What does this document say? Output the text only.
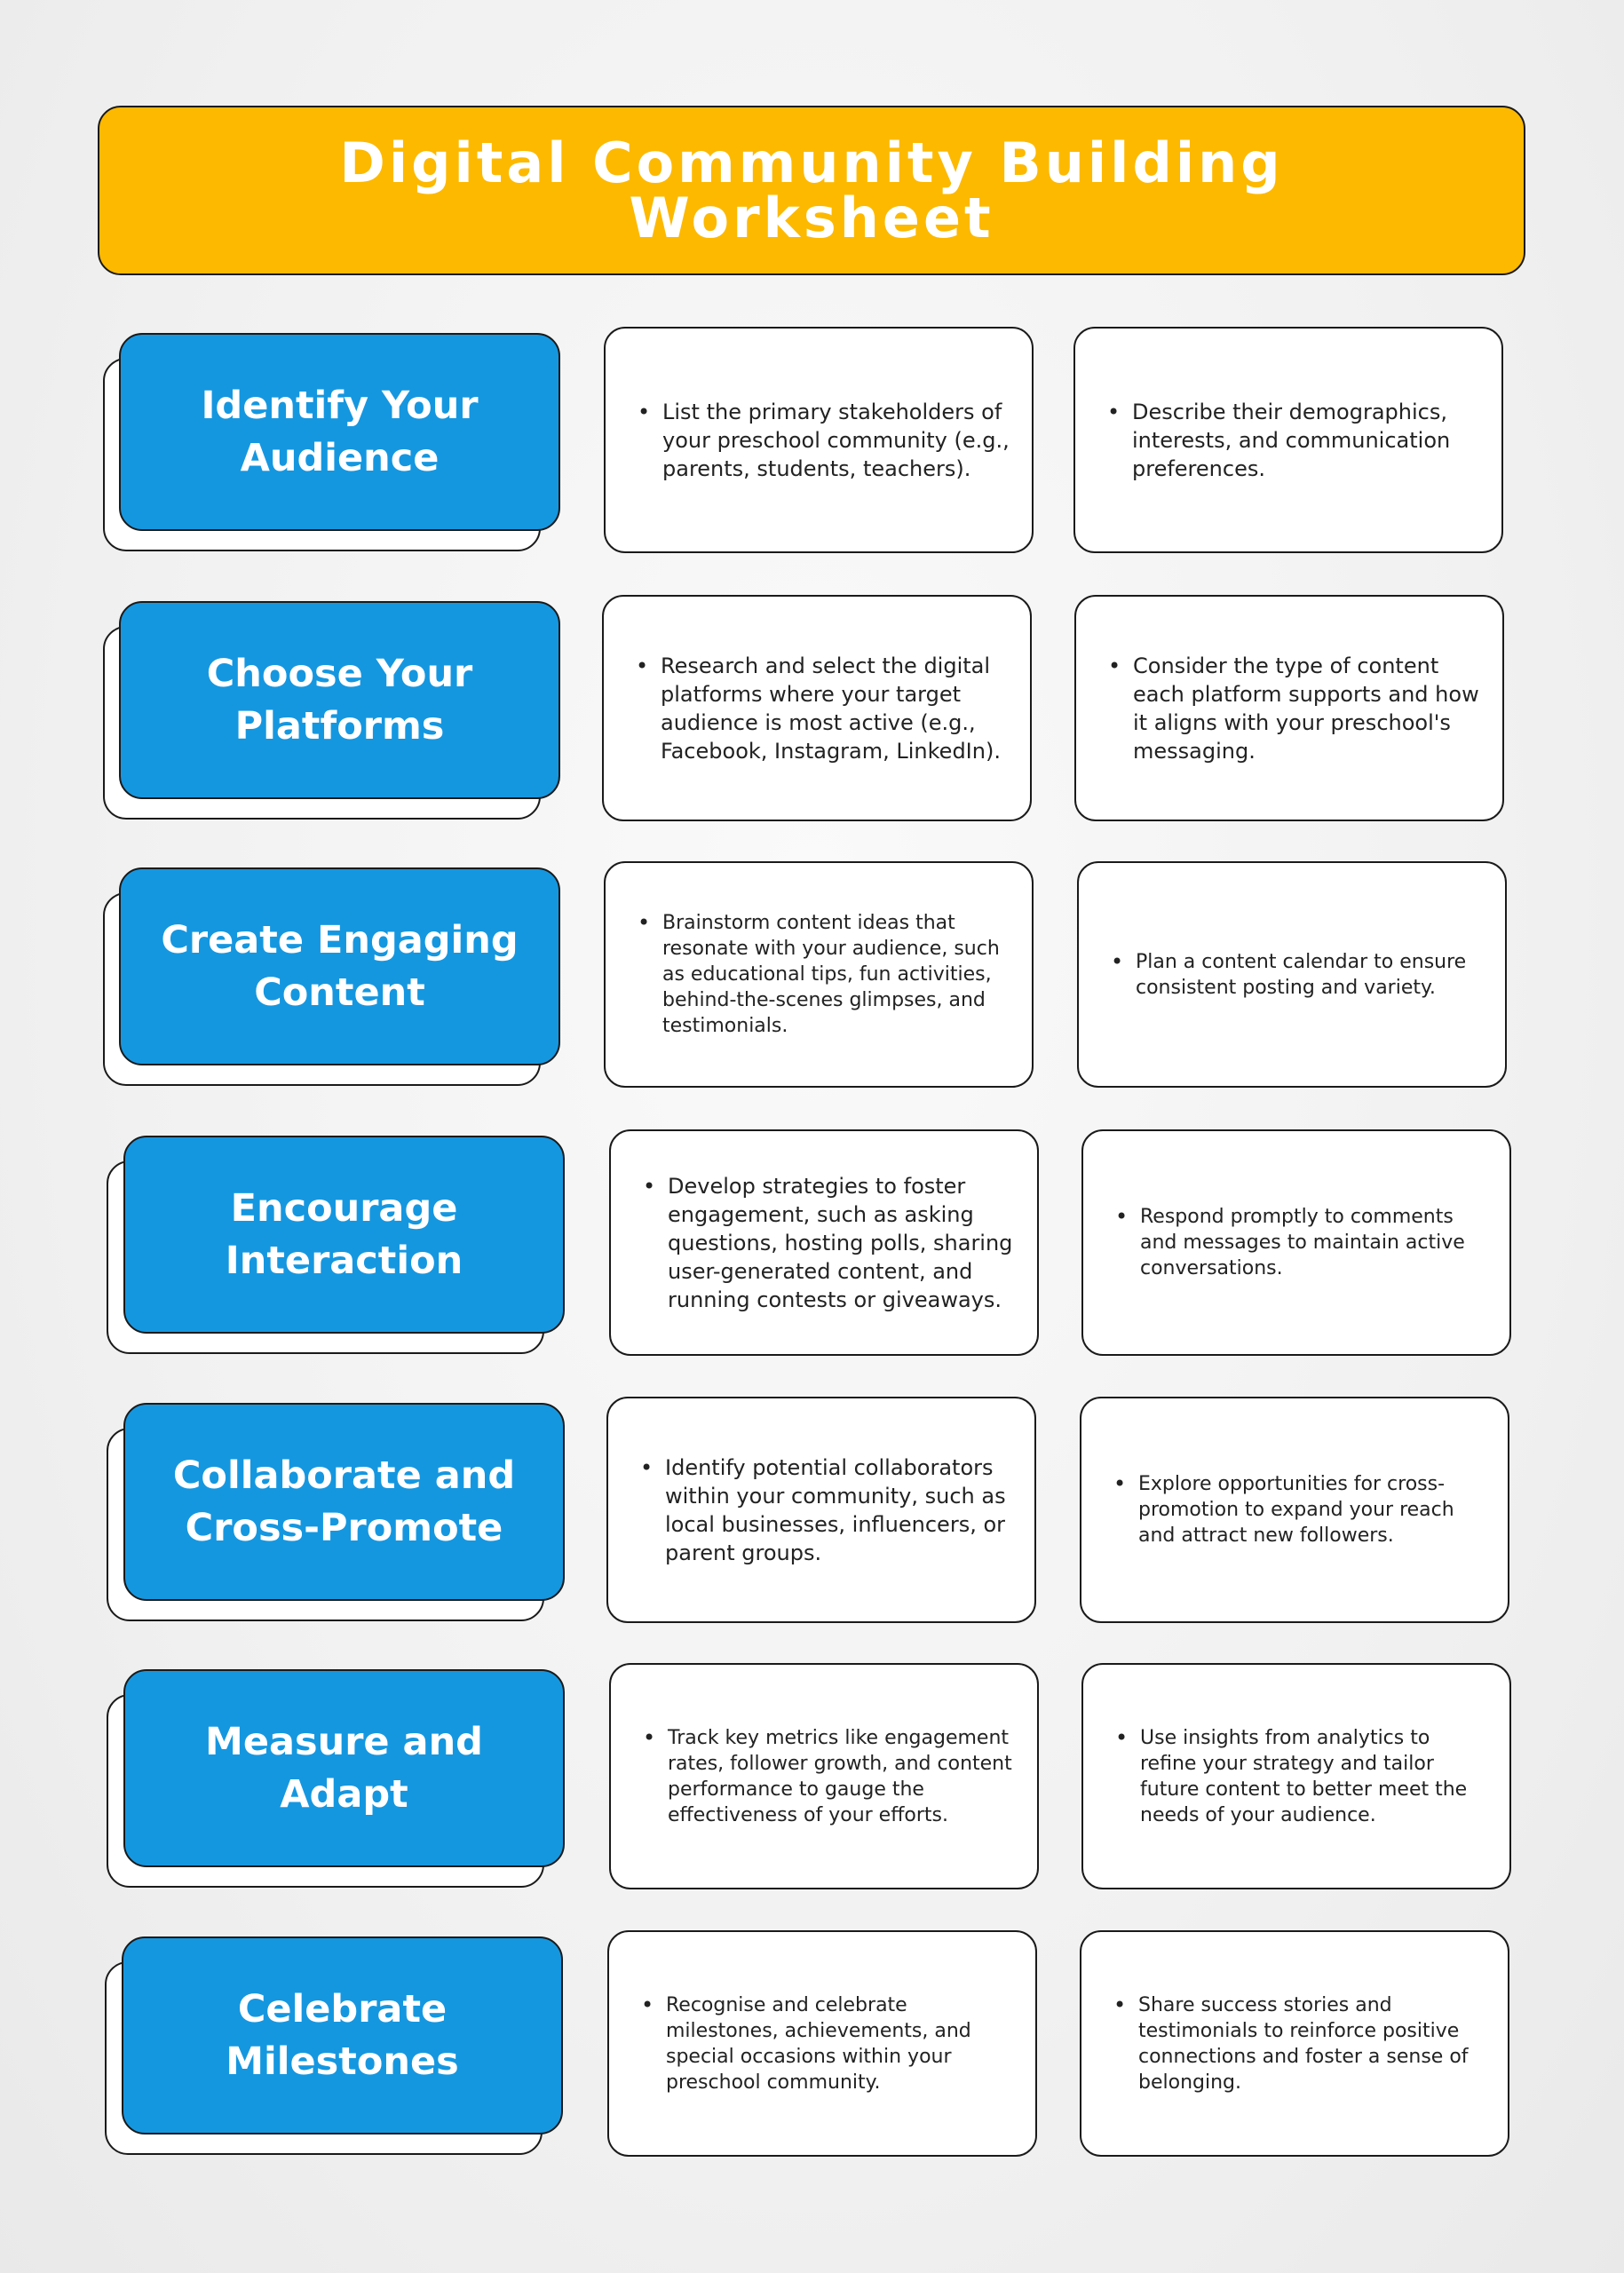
Digital Community Building
Worksheet
Identify Your
Audience
• List the primary stakeholders of your preschool community (e.g., parents, students, teachers).
• Describe their demographics, interests, and communication preferences.
Choose Your
Platforms
• Research and select the digital platforms where your target audience is most active (e.g., Facebook, Instagram, LinkedIn).
• Consider the type of content each platform supports and how it aligns with your preschool's messaging.
Create Engaging
Content
• Brainstorm content ideas that resonate with your audience, such as educational tips, fun activities, behind-the-scenes glimpses, and testimonials.
• Plan a content calendar to ensure consistent posting and variety.
Encourage
Interaction
• Develop strategies to foster engagement, such as asking questions, hosting polls, sharing user-generated content, and running contests or giveaways.
• Respond promptly to comments and messages to maintain active conversations.
Collaborate and
Cross-Promote
• Identify potential collaborators within your community, such as local businesses, influencers, or parent groups.
• Explore opportunities for cross-promotion to expand your reach and attract new followers.
Measure and
Adapt
• Track key metrics like engagement rates, follower growth, and content performance to gauge the effectiveness of your efforts.
• Use insights from analytics to refine your strategy and tailor future content to better meet the needs of your audience.
Celebrate
Milestones
• Recognise and celebrate milestones, achievements, and special occasions within your preschool community.
• Share success stories and testimonials to reinforce positive connections and foster a sense of belonging.
